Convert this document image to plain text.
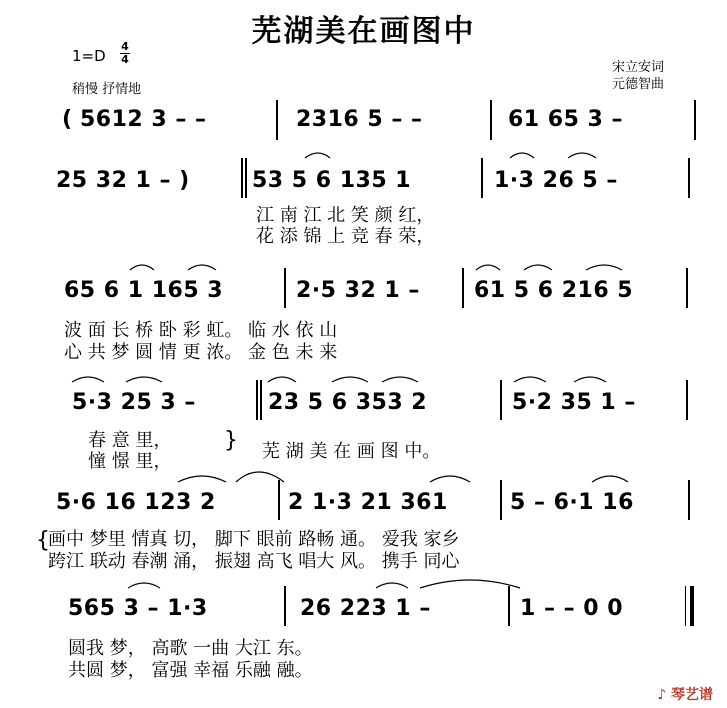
芜湖美在画图中
1=D
4
4
稍慢 抒情地
宋立安词
元德智曲
( 5612 3 – –	2316 5 – –	61 65 3 –
25 32 1 – )	53 5 6 135 1	1·3 26 5 –
江 南 江 北 笑 颜 红，
花 添 锦 上 竞 春 荣，
65 6 1 165 3	2·5 32 1 – 61 5 6 216 5
波 面 长 桥 卧 彩 虹。 临 水 依 山
心 共 梦 圆 情 更 浓。 金 色 未 来
5·3 25 3 –	23 5 6 353 2	5·2 35 1 –
春 意 里，
憧 憬 里，
} 芜 湖 美 在 画 图 中。
5·6 16 123 2	2 1·3 21 361	5 – 6·1 16
{
画中 梦里 情真 切， 脚下 眼前 路畅 通。 爱我 家乡
跨江 联动 春潮 涌， 振翅 高飞 唱大 风。 携手 同心
565 3 – 1·3	26 223 1 –	1 – – 0 0
圆我 梦， 高歌 一曲 大江 东。
共圆 梦， 富强 幸福 乐融 融。
♪ 琴艺谱
